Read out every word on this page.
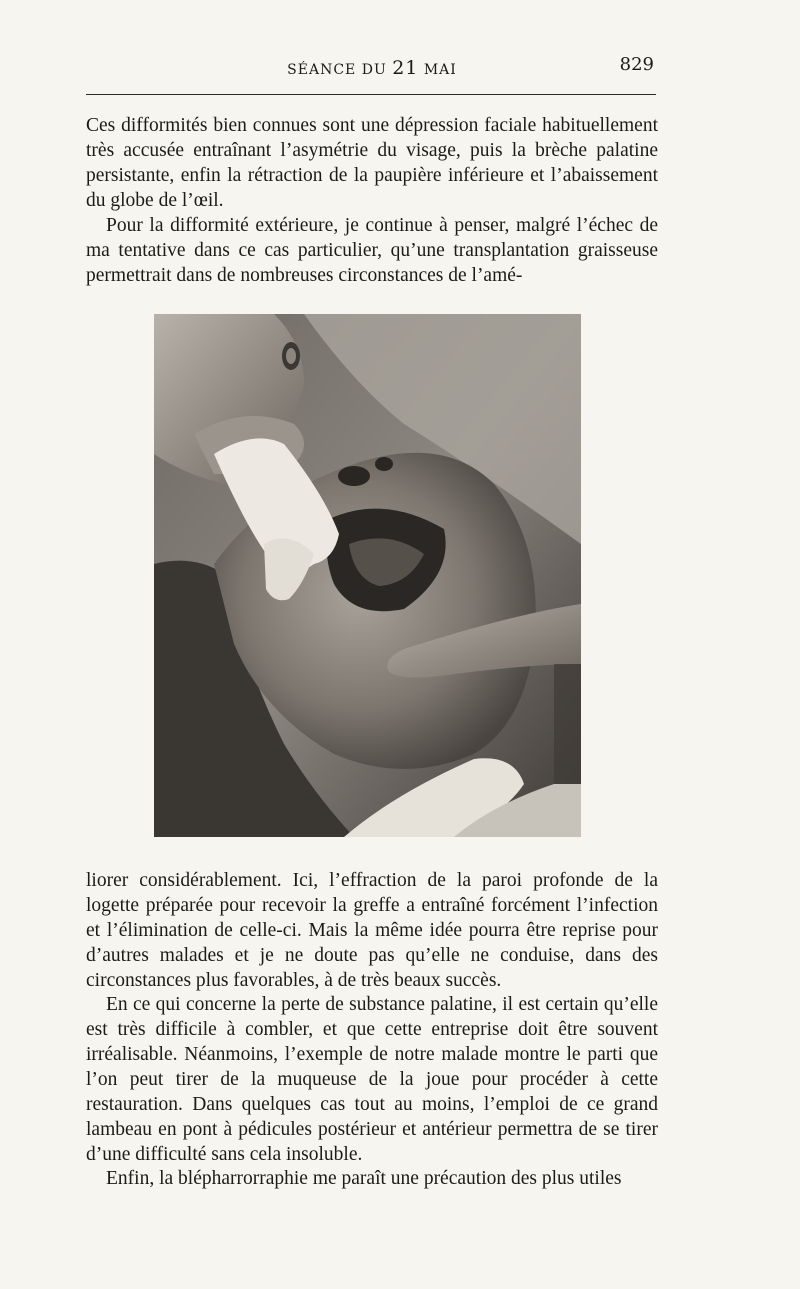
SÉANCE DU 21 MAI	829

Ces difformités bien connues sont une dépression faciale habituellement très accusée entraînant l’asymétrie du visage, puis la brèche palatine persistante, enfin la rétraction de la paupière inférieure et l’abaissement du globe de l’œil.

Pour la difformité extérieure, je continue à penser, malgré l’échec de ma tentative dans ce cas particulier, qu’une transplantation graisseuse permettrait dans de nombreuses circonstances de l’amé-

liorer considérablement. Ici, l’effraction de la paroi profonde de la logette préparée pour recevoir la greffe a entraîné forcément l’infection et l’élimination de celle-ci. Mais la même idée pourra être reprise pour d’autres malades et je ne doute pas qu’elle ne conduise, dans des circonstances plus favorables, à de très beaux succès.

En ce qui concerne la perte de substance palatine, il est certain qu’elle est très difficile à combler, et que cette entreprise doit être souvent irréalisable. Néanmoins, l’exemple de notre malade montre le parti que l’on peut tirer de la muqueuse de la joue pour procéder à cette restauration. Dans quelques cas tout au moins, l’emploi de ce grand lambeau en pont à pédicules postérieur et antérieur permettra de se tirer d’une difficulté sans cela insoluble.

Enfin, la blépharrorraphie me paraît une précaution des plus utiles
